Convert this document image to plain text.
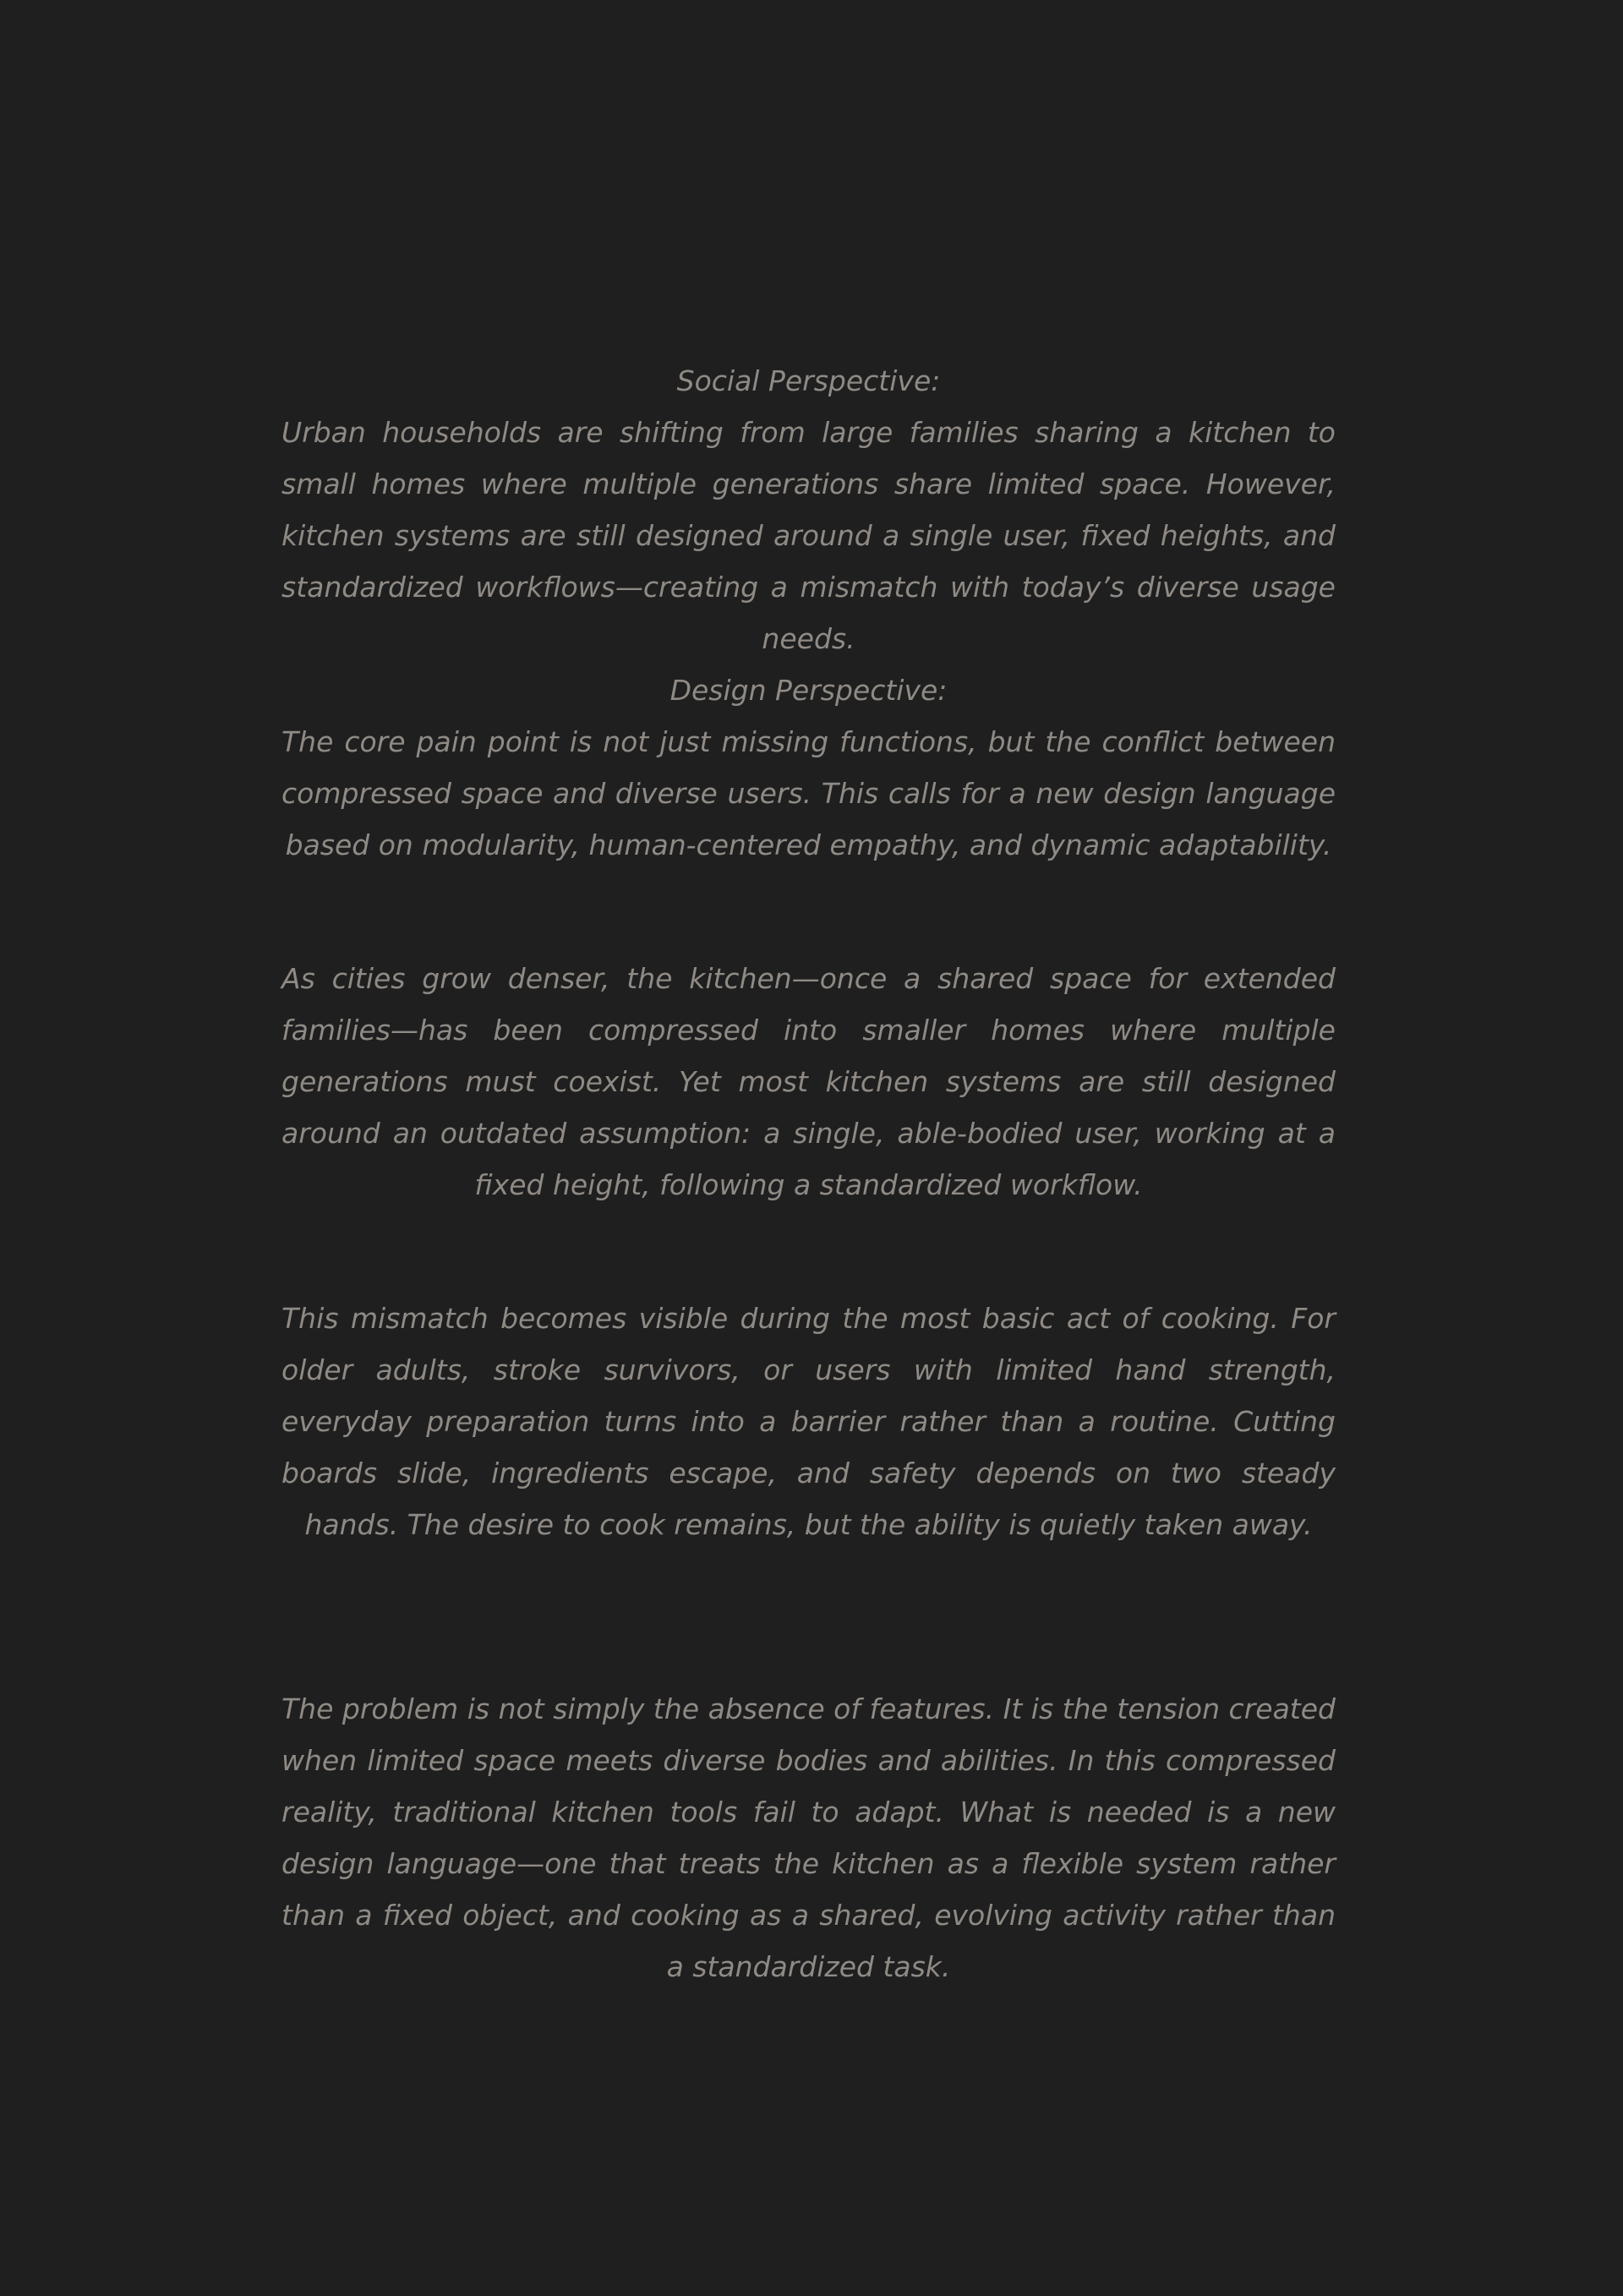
Social Perspective:

Urban households are shifting from large families sharing a kitchen to small homes where multiple generations share limited space. However, kitchen systems are still designed around a single user, fixed heights, and standardized workflows—creating a mismatch with today’s diverse usage needs.

Design Perspective:

The core pain point is not just missing functions, but the conflict between compressed space and diverse users. This calls for a new design language based on modularity, human-centered empathy, and dynamic adaptability.

As cities grow denser, the kitchen—once a shared space for extended families—has been compressed into smaller homes where multiple generations must coexist. Yet most kitchen systems are still designed around an outdated assumption: a single, able-bodied user, working at a fixed height, following a standardized workflow.

This mismatch becomes visible during the most basic act of cooking. For older adults, stroke survivors, or users with limited hand strength, everyday preparation turns into a barrier rather than a routine. Cutting boards slide, ingredients escape, and safety depends on two steady hands. The desire to cook remains, but the ability is quietly taken away.

The problem is not simply the absence of features. It is the tension created when limited space meets diverse bodies and abilities. In this compressed reality, traditional kitchen tools fail to adapt. What is needed is a new design language—one that treats the kitchen as a flexible system rather than a fixed object, and cooking as a shared, evolving activity rather than a standardized task.
